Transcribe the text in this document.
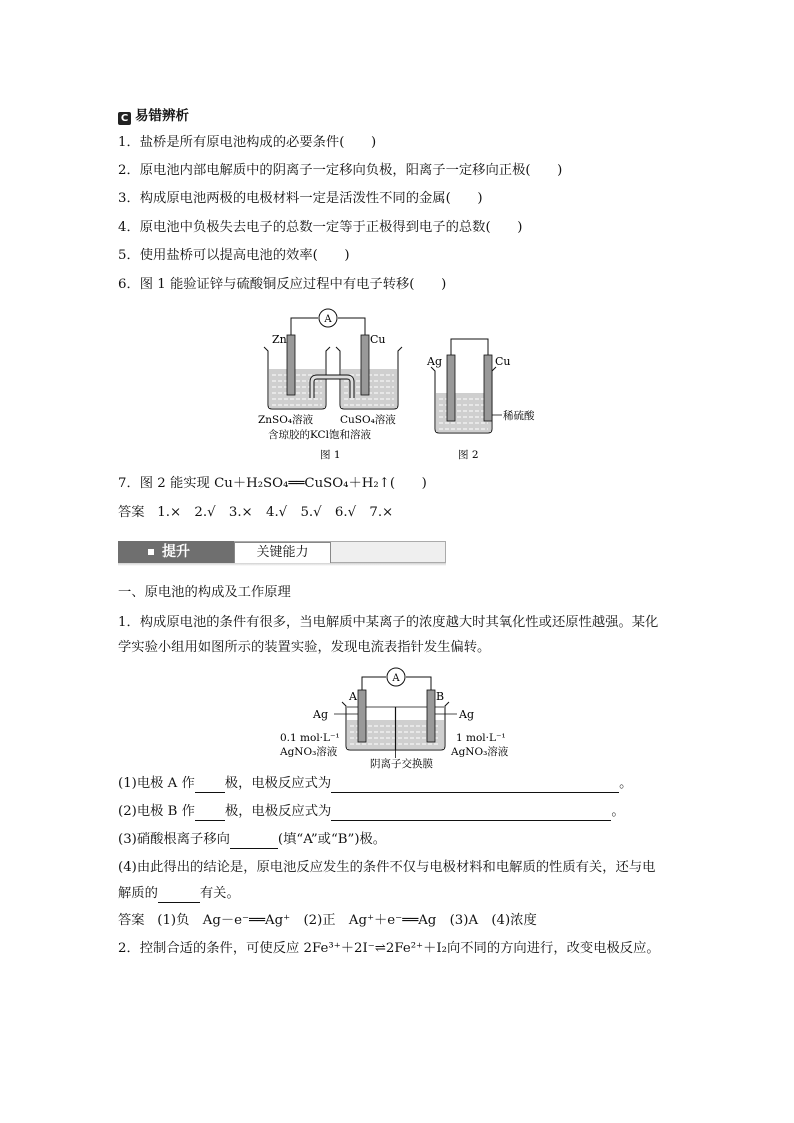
C 易错辨析
1．盐桥是所有原电池构成的必要条件(　　)
2．原电池内部电解质中的阴离子一定移向负极，阳离子一定移向正极(　　)
3．构成原电池两极的电极材料一定是活泼性不同的金属(　　)
4．原电池中负极失去电子的总数一定等于正极得到电子的总数(　　)
5．使用盐桥可以提高电池的效率(　　)
6．图 1 能验证锌与硫酸铜反应过程中有电子转移(　　)
A
Zn	Cu
ZnSO₄溶液	CuSO₄溶液
含琼胶的KCl饱和溶液
图 1
Ag	Cu
稀硫酸
图 2
7．图 2 能实现 Cu＋H₂SO₄══CuSO₄＋H₂↑(　　)
答案 1.×　2.√　3.×　4.√　5.√　6.√　7.×
提升	关键能力
一、原电池的构成及工作原理
1．构成原电池的条件有很多，当电解质中某离子的浓度越大时其氧化性或还原性越强。某化
学实验小组用如图所示的装置实验，发现电流表指针发生偏转。
A
A	B
Ag	Ag
0.1 mol·L⁻¹
AgNO₃溶液
1 mol·L⁻¹
AgNO₃溶液
阴离子交换膜
(1)电极 A 作 极，电极反应式为	。
(2)电极 B 作 极，电极反应式为	。
(3)硝酸根离子移向	(填“A”或“B”)极。
(4)由此得出的结论是，原电池反应发生的条件不仅与电极材料和电解质的性质有关，还与电
解质的	有关。
答案 (1)负　Ag－e⁻══Ag⁺　(2)正　Ag⁺＋e⁻══Ag　(3)A　(4)浓度
2．控制合适的条件，可使反应 2Fe³⁺＋2I⁻⇌2Fe²⁺＋I₂向不同的方向进行，改变电极反应。
